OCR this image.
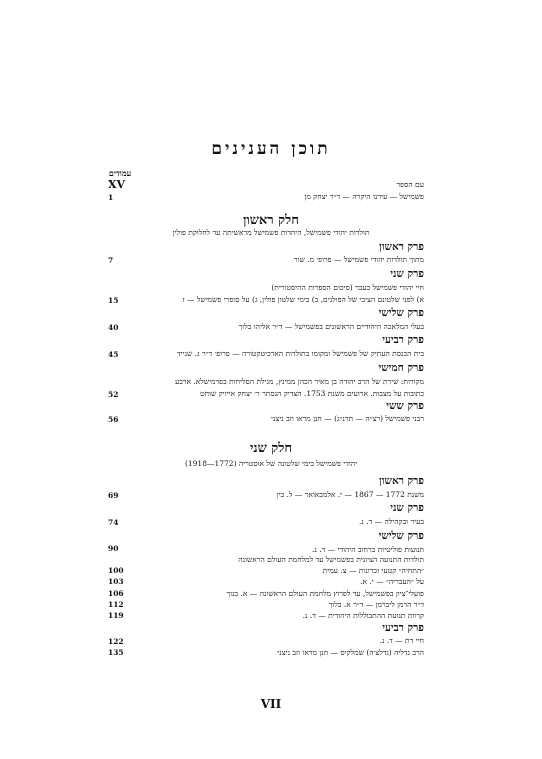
תוכן הענינים
עמודים
XV	עם הספר
פשמישל — עירנו היקרה — ד״ר יצחק מן
1
חלק ראשון
תולדות יהודי פשמישל, היהדות פשמישל מראשיתה עד לחלוקת פולין
פרק ראשון
מתוך תולדות יהודי פשמישל — פרופ׳ מ. שור
7
פרק שני
חיי יהודי פשמישל בעבר (סיכום הספרות ההיסטורית)
א) לפני שלטונם הציבי של הפולנים, ב) בימי שלטון פולין, ג) על סופרי פשמישל — ז
15
פרק שלישי
בעלי המלאכה היהודיים הראשונים בפשמישל — ד״ר אליהו בלוך
40
פרק רביעי
בית הכנסת העתיק של פשמישל ומקומו בתולדות הארכיטקטורה — פרופ׳ ד״ר ג. שנייד
45
פרק חמישי
מקורות: שירת של הרב יהודה בן מאיר הכהן ממינץ, מגילת הסליחות בפרמישלא. ארבע
כתובות על מצבות. ארועים משנת 1753. הצדיק הנסתר ר׳ יצחק אייזיק שוחט
52
פרק ששי
רבני פשמישל (רצ״ה — תרנ״ג) — חנן מראו וזב ניצני
56
חלק שני
יהודי פשמישל בימי שלטונה של אוסטריה (1772—1918)
פרק ראשון
משנת 1772 — 1867 — י. אלמבאואר — ל. בין
69
פרק שני
בעיר ובקהילה — ד. נ.
74
פרק שלישי
תנועות פוליטיות ברחוב היהודי — ד. נ.
90
תולדות התנועה הציונית בפשמישל עד למלחמת העולם הראשונה
״התחיה״ קטעי זכרונות — צ. עמית
100
על ״העבריה״ — י. א.
103
פועלי־ציון בפשמישל, עד לפרוץ מלחמת העולם הראשונה — א. בנוך
106
ד״ר הרמן ליברמן — ד״ר א. בלוך
112
קרוות תנועת ההתבוללות היהודית — ד. נ.
119
פרק רביעי
חיי דת — ד. נ.
122
הרב גדליה (גדלצ׳ה) שמלקיס — חנן מראו וזב ניצני
135
VII
